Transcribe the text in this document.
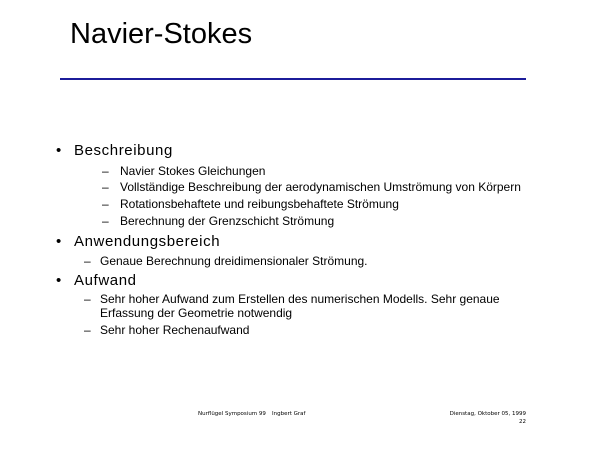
Navier-Stokes
• Beschreibung
– Navier Stokes Gleichungen
– Vollständige Beschreibung der aerodynamischen Umströmung von Körpern
– Rotationsbehaftete und reibungsbehaftete Strömung
– Berechnung der Grenzschicht Strömung
• Anwendungsbereich
– Genaue Berechnung dreidimensionaler Strömung.
• Aufwand
– Sehr hoher Aufwand zum Erstellen des numerischen Modells. Sehr genaue
Erfassung der Geometrie notwendig
– Sehr hoher Rechenaufwand
Nurflügel Symposium 99 Ingbert Graf	Dienstag, Oktober 05, 1999
22
